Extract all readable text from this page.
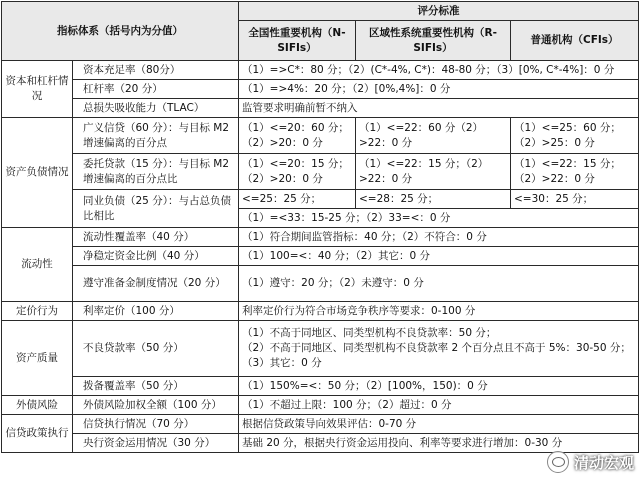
指标体系（括号内为分值）		评分标准		
		全国性重要机构（N-SIFIs）	区域性系统重要性机构（R-SIFIs）	普通机构（CFIs）
资本和杠杆情况	资本充足率（80分）	（1）=>C*：80 分；（2）(C*-4%, C*)：48-80 分；（3）[0%, C*-4%]：0 分		
	杠杆率（20 分）	（1）=>4%：20 分；（2）[0%,4%]：0 分		
	总损失吸收能力（TLAC）	监管要求明确前暂不纳入		
资产负债情况	广义信贷（60 分）：与目标 M2 增速偏离的百分点	（1）<=20：60 分；（2）>20：0 分	（1）<=22：60 分（2）>22：0 分	（1）<=25：60 分；（2）>25：0 分
	委托贷款（15 分）：与目标 M2 增速偏离的百分点比	（1）<=20：15 分；（2）>20：0 分	（1）<=22：15 分；（2）>22：0 分	（1）<=22：15 分；（2）>22：0 分
	同业负债（25 分）：与占总负债比相比	<=25：25 分；	<=28：25 分；	<=30：25 分；
		（1）=<33：15-25 分；（2）33=<：0 分		
流动性	流动性覆盖率（40 分）	（1）符合期间监管指标：40 分；（2）不符合：0 分		
	净稳定资金比例（40 分）	（1）100=<：40 分；（2）其它：0 分		
	遵守准备金制度情况（20 分）	（1）遵守：20 分；（2）未遵守：0 分		
定价行为	利率定价（100 分）	利率定价行为符合市场竞争秩序等要求：0-100 分		
资产质量	不良贷款率（50 分）	（1）不高于同地区、同类型机构不良贷款率：50 分；
（2）不高于同地区、同类型机构不良贷款率 2 个百分点且不高于 5%：30-50 分；
（3）其它：0 分		

	拨备覆盖率（50 分）	（1）150%=<：50 分；（2）[100%，150)：0 分		
外债风险	外债风险加权全额（100 分）	（1）不超过上限：100 分；（2）超过：0 分		
信贷政策执行	信贷执行情况（70 分）	根据信贷政策导向效果评估：0-70 分		
	央行资金运用情况（30 分）	基础 20 分，根据央行资金运用投向、利率等要求进行增加：0-30 分		
清动宏观
